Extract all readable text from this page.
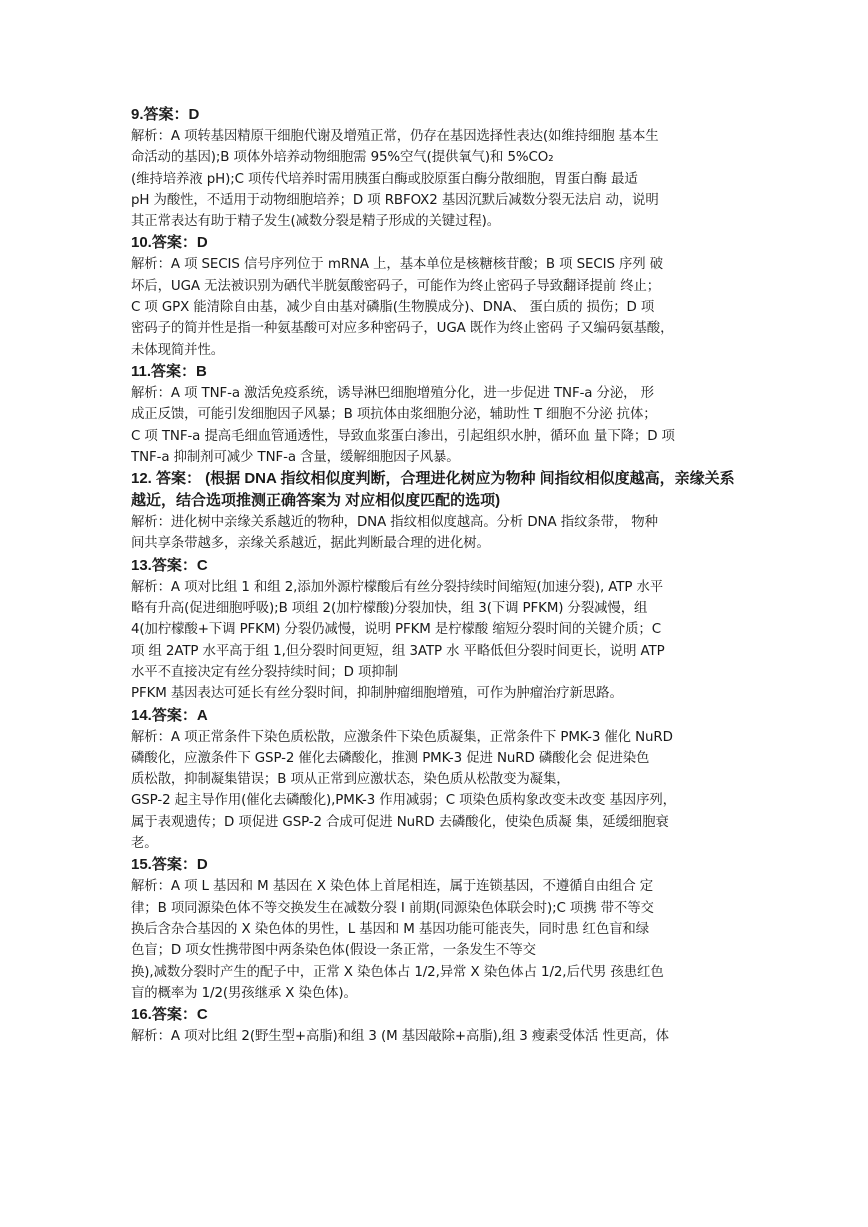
9.答案：D

解析：A 项转基因精原干细胞代谢及增殖正常，仍存在基因选择性表达(如维持细胞 基本生

命活动的基因);B 项体外培养动物细胞需 95%空气(提供氧气)和 5%CO₂

(维持培养液 pH);C 项传代培养时需用胰蛋白酶或胶原蛋白酶分散细胞，胃蛋白酶 最适

pH 为酸性，不适用于动物细胞培养；D 项 RBFOX2 基因沉默后减数分裂无法启 动，说明

其正常表达有助于精子发生(减数分裂是精子形成的关键过程)。

10.答案：D

解析：A 项 SECIS 信号序列位于 mRNA 上，基本单位是核糖核苷酸；B 项 SECIS 序列 破

坏后，UGA 无法被识别为硒代半胱氨酸密码子，可能作为终止密码子导致翻译提前 终止；

C 项 GPX 能清除自由基，减少自由基对磷脂(生物膜成分)、DNA、 蛋白质的 损伤；D 项

密码子的简并性是指一种氨基酸可对应多种密码子，UGA 既作为终止密码 子又编码氨基酸，

未体现简并性。

11.答案：B

解析：A 项 TNF-a 激活免疫系统，诱导淋巴细胞增殖分化，进一步促进 TNF-a 分泌， 形

成正反馈，可能引发细胞因子风暴；B 项抗体由浆细胞分泌，辅助性 T 细胞不分泌 抗体；

C 项 TNF-a 提高毛细血管通透性，导致血浆蛋白渗出，引起组织水肿，循环血 量下降；D 项

TNF-a 抑制剂可减少 TNF-a 含量，缓解细胞因子风暴。

12. 答案： (根据 DNA 指纹相似度判断，合理进化树应为物种 间指纹相似度越高，亲缘关系越近，结合选项推测正确答案为 对应相似度匹配的选项)

解析：进化树中亲缘关系越近的物种，DNA 指纹相似度越高。分析 DNA 指纹条带， 物种

间共享条带越多，亲缘关系越近，据此判断最合理的进化树。

13.答案：C

解析：A 项对比组 1 和组 2,添加外源柠檬酸后有丝分裂持续时间缩短(加速分裂), ATP 水平

略有升高(促进细胞呼吸);B 项组 2(加柠檬酸)分裂加快，组 3(下调 PFKM) 分裂减慢，组

4(加柠檬酸+下调 PFKM) 分裂仍减慢，说明 PFKM 是柠檬酸 缩短分裂时间的关键介质；C

项 组 2ATP 水平高于组 1,但分裂时间更短，组 3ATP 水 平略低但分裂时间更长，说明 ATP

水平不直接决定有丝分裂持续时间；D 项抑制

PFKM 基因表达可延长有丝分裂时间，抑制肿瘤细胞增殖，可作为肿瘤治疗新思路。

14.答案：A

解析：A 项正常条件下染色质松散，应激条件下染色质凝集，正常条件下 PMK-3 催化 NuRD

磷酸化，应激条件下 GSP-2 催化去磷酸化，推测 PMK-3 促进 NuRD 磷酸化会 促进染色

质松散，抑制凝集错误；B 项从正常到应激状态，染色质从松散变为凝集，

GSP-2 起主导作用(催化去磷酸化),PMK-3 作用减弱；C 项染色质构象改变未改变 基因序列，

属于表观遗传；D 项促进 GSP-2 合成可促进 NuRD 去磷酸化，使染色质凝 集，延缓细胞衰

老。

15.答案：D

解析：A 项 L 基因和 M 基因在 X 染色体上首尾相连，属于连锁基因，不遵循自由组合 定

律；B 项同源染色体不等交换发生在减数分裂 I 前期(同源染色体联会时);C 项携 带不等交

换后含杂合基因的 X 染色体的男性，L 基因和 M 基因功能可能丧失，同时患 红色盲和绿

色盲；D 项女性携带图中两条染色体(假设一条正常，一条发生不等交

换),减数分裂时产生的配子中，正常 X 染色体占 1/2,异常 X 染色体占 1/2,后代男 孩患红色

盲的概率为 1/2(男孩继承 X 染色体)。

16.答案：C

解析：A 项对比组 2(野生型+高脂)和组 3 (M 基因敲除+高脂),组 3 瘦素受体活 性更高，体
